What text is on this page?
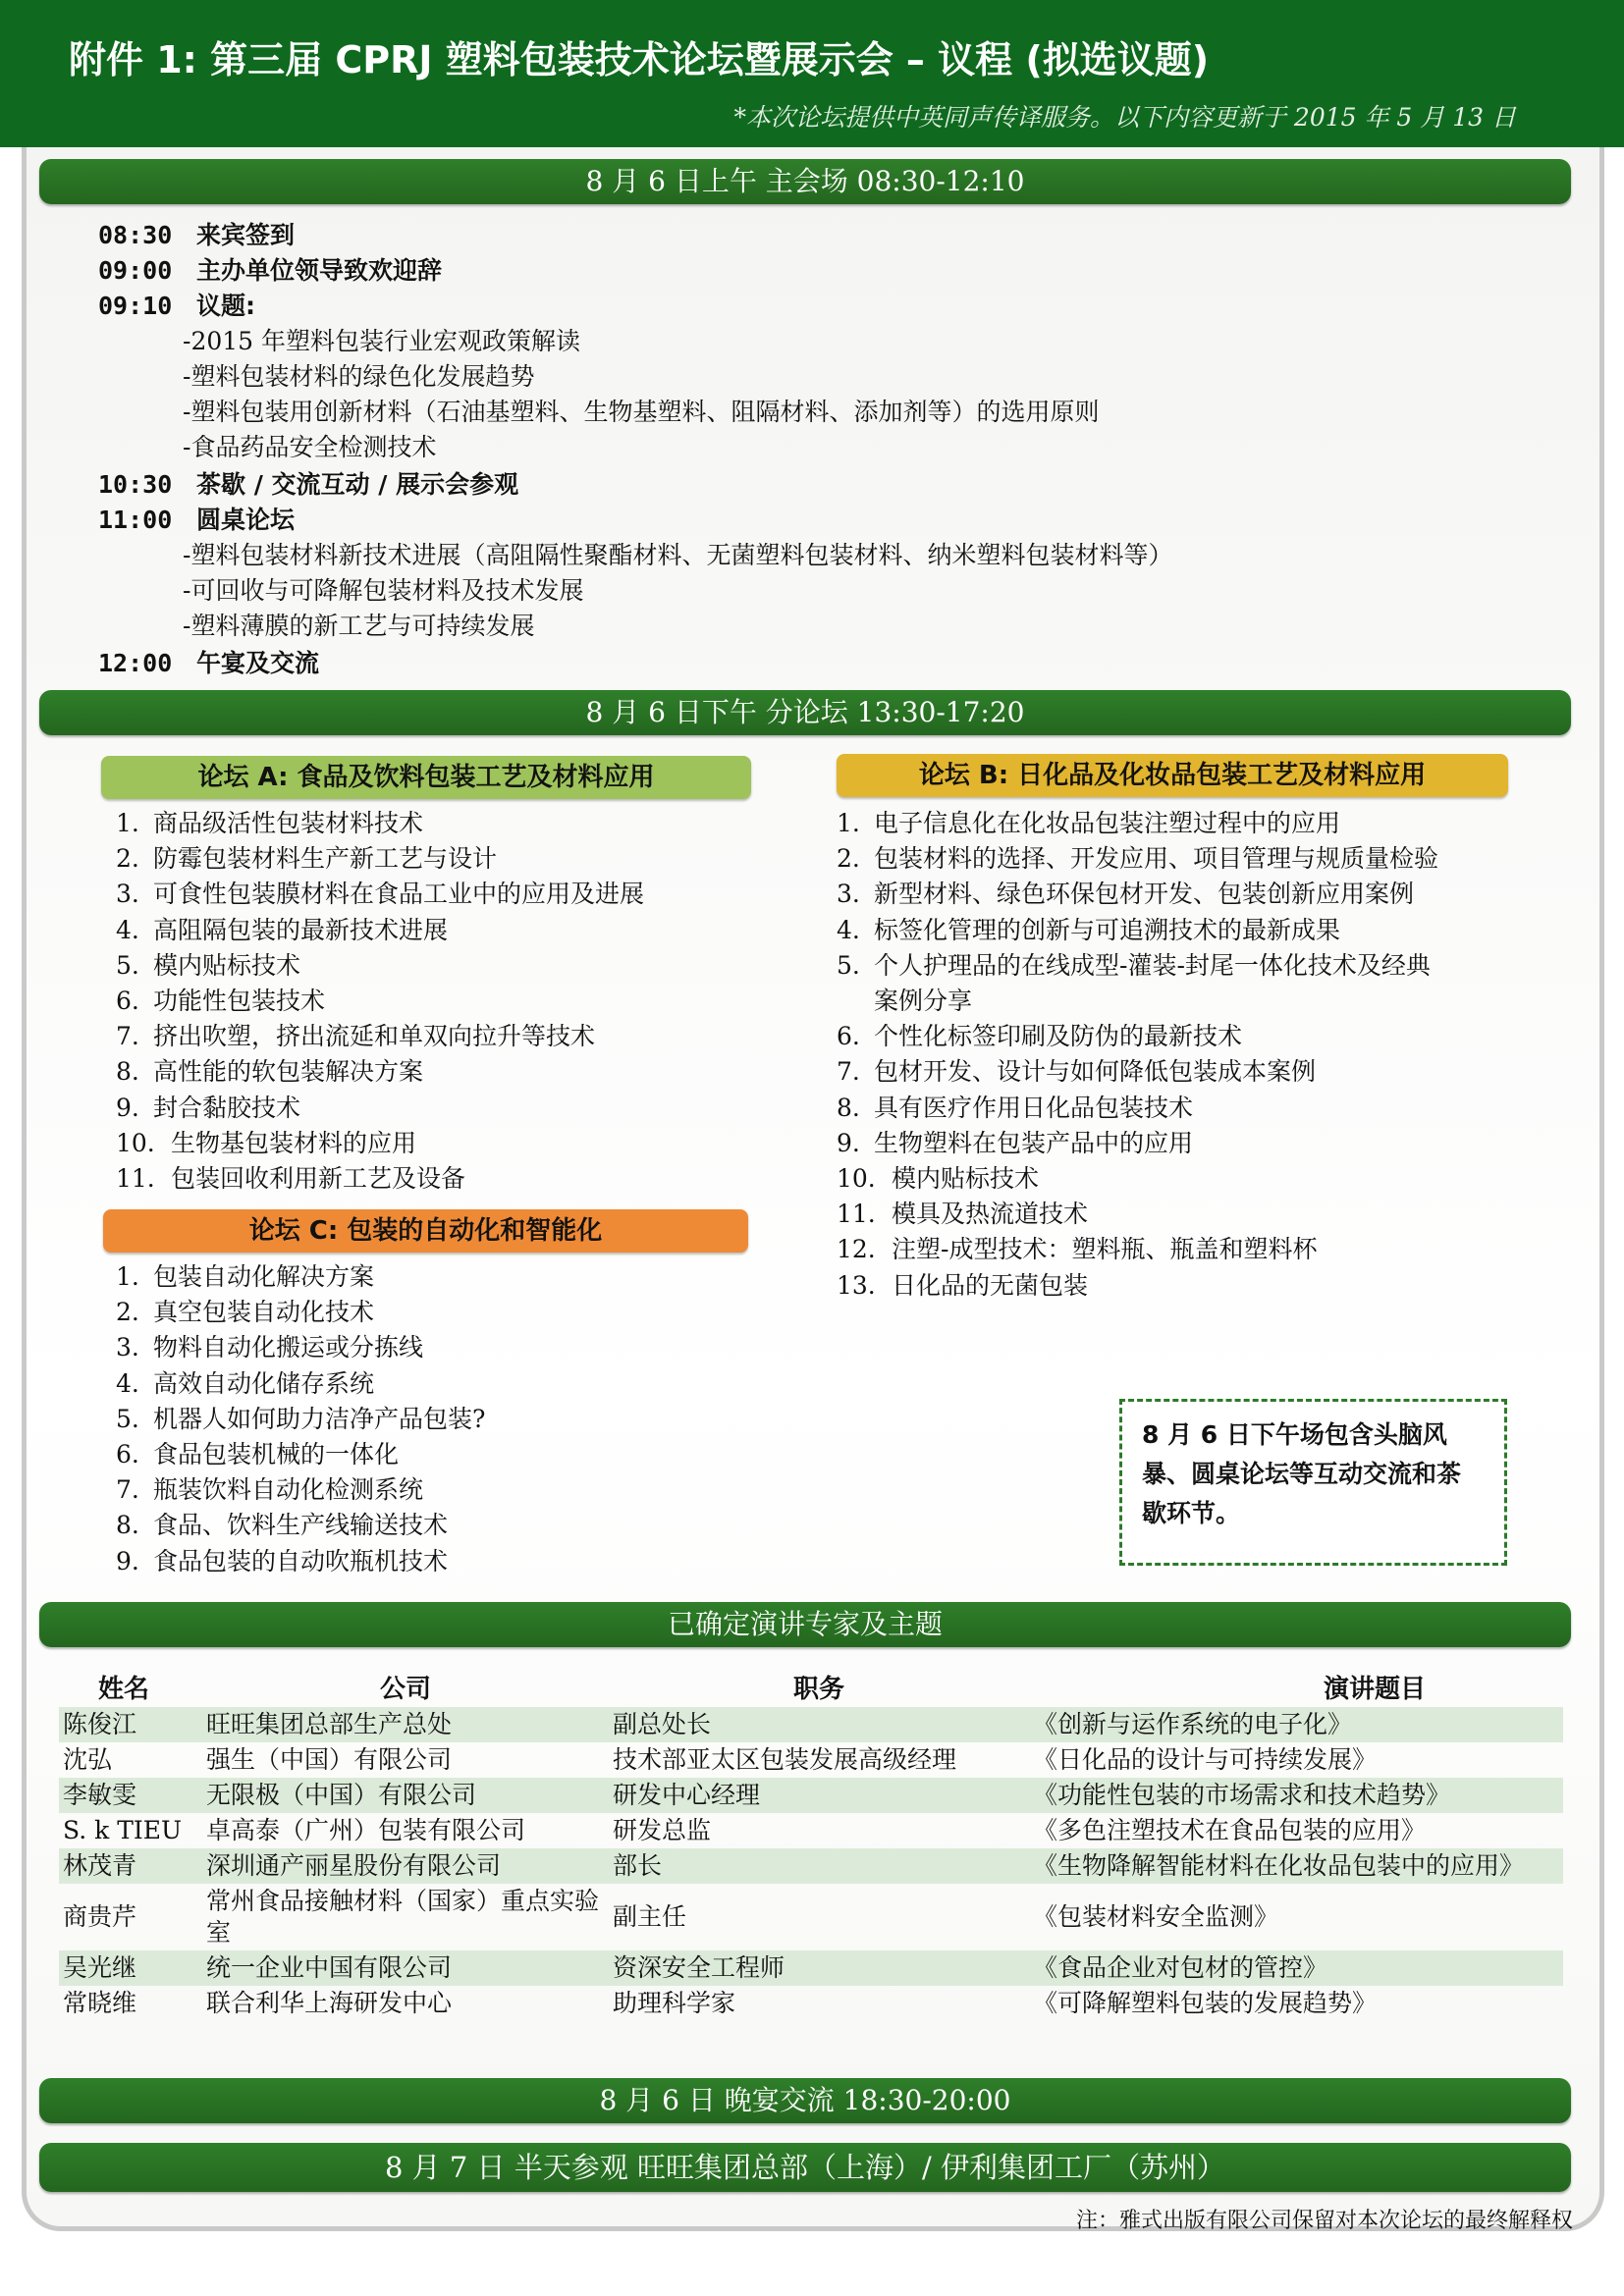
附件 1: 第三届 CPRJ 塑料包装技术论坛暨展示会 – 议程 (拟选议题)
*本次论坛提供中英同声传译服务。以下内容更新于 2015 年 5 月 13 日
8 月 6 日上午 主会场 08:30-12:10
08:30 来宾签到
09:00 主办单位领导致欢迎辞
09:10 议题:
-2015 年塑料包装行业宏观政策解读
-塑料包装材料的绿色化发展趋势
-塑料包装用创新材料（石油基塑料、生物基塑料、阻隔材料、添加剂等）的选用原则
-食品药品安全检测技术
10:30 茶歇 / 交流互动 / 展示会参观
11:00 圆桌论坛
-塑料包装材料新技术进展（高阻隔性聚酯材料、无菌塑料包装材料、纳米塑料包装材料等）
-可回收与可降解包装材料及技术发展
-塑料薄膜的新工艺与可持续发展
12:00 午宴及交流
8 月 6 日下午 分论坛 13:30-17:20
论坛 A: 食品及饮料包装工艺及材料应用
1. 商品级活性包装材料技术
2. 防霉包装材料生产新工艺与设计
3. 可食性包装膜材料在食品工业中的应用及进展
4. 高阻隔包装的最新技术进展
5. 模内贴标技术
6. 功能性包装技术
7. 挤出吹塑，挤出流延和单双向拉升等技术
8. 高性能的软包装解决方案
9. 封合黏胶技术
10. 生物基包装材料的应用
11. 包装回收利用新工艺及设备
论坛 C: 包装的自动化和智能化
1. 包装自动化解决方案
2. 真空包装自动化技术
3. 物料自动化搬运或分拣线
4. 高效自动化储存系统
5. 机器人如何助力洁净产品包装?
6. 食品包装机械的一体化
7. 瓶装饮料自动化检测系统
8. 食品、饮料生产线输送技术
9. 食品包装的自动吹瓶机技术
论坛 B: 日化品及化妆品包装工艺及材料应用
1. 电子信息化在化妆品包装注塑过程中的应用
2. 包装材料的选择、开发应用、项目管理与规质量检验
3. 新型材料、绿色环保包材开发、包装创新应用案例
4. 标签化管理的创新与可追溯技术的最新成果
5. 个人护理品的在线成型-灌装-封尾一体化技术及经典
案例分享
6. 个性化标签印刷及防伪的最新技术
7. 包材开发、设计与如何降低包装成本案例
8. 具有医疗作用日化品包装技术
9. 生物塑料在包装产品中的应用
10. 模内贴标技术
11. 模具及热流道技术
12. 注塑-成型技术：塑料瓶、瓶盖和塑料杯
13. 日化品的无菌包装
8 月 6 日下午场包含头脑风暴、圆桌论坛等互动交流和茶歇环节。
已确定演讲专家及主题
姓名	公司	职务	演讲题目
陈俊江	旺旺集团总部生产总处	副总处长	《创新与运作系统的电子化》
沈弘	强生（中国）有限公司	技术部亚太区包装发展高级经理	《日化品的设计与可持续发展》
李敏雯	无限极（中国）有限公司	研发中心经理	《功能性包装的市场需求和技术趋势》
S. k TIEU	卓高泰（广州）包装有限公司	研发总监	《多色注塑技术在食品包装的应用》
林茂青	深圳通产丽星股份有限公司	部长	《生物降解智能材料在化妆品包装中的应用》
商贵芹	常州食品接触材料（国家）重点实验室	副主任	《包装材料安全监测》
吴光继	统一企业中国有限公司	资深安全工程师	《食品企业对包材的管控》
常晓维	联合利华上海研发中心	助理科学家	《可降解塑料包装的发展趋势》
8 月 6 日 晚宴交流 18:30-20:00
8 月 7 日 半天参观 旺旺集团总部（上海）/ 伊利集团工厂（苏州）
注：雅式出版有限公司保留对本次论坛的最终解释权
